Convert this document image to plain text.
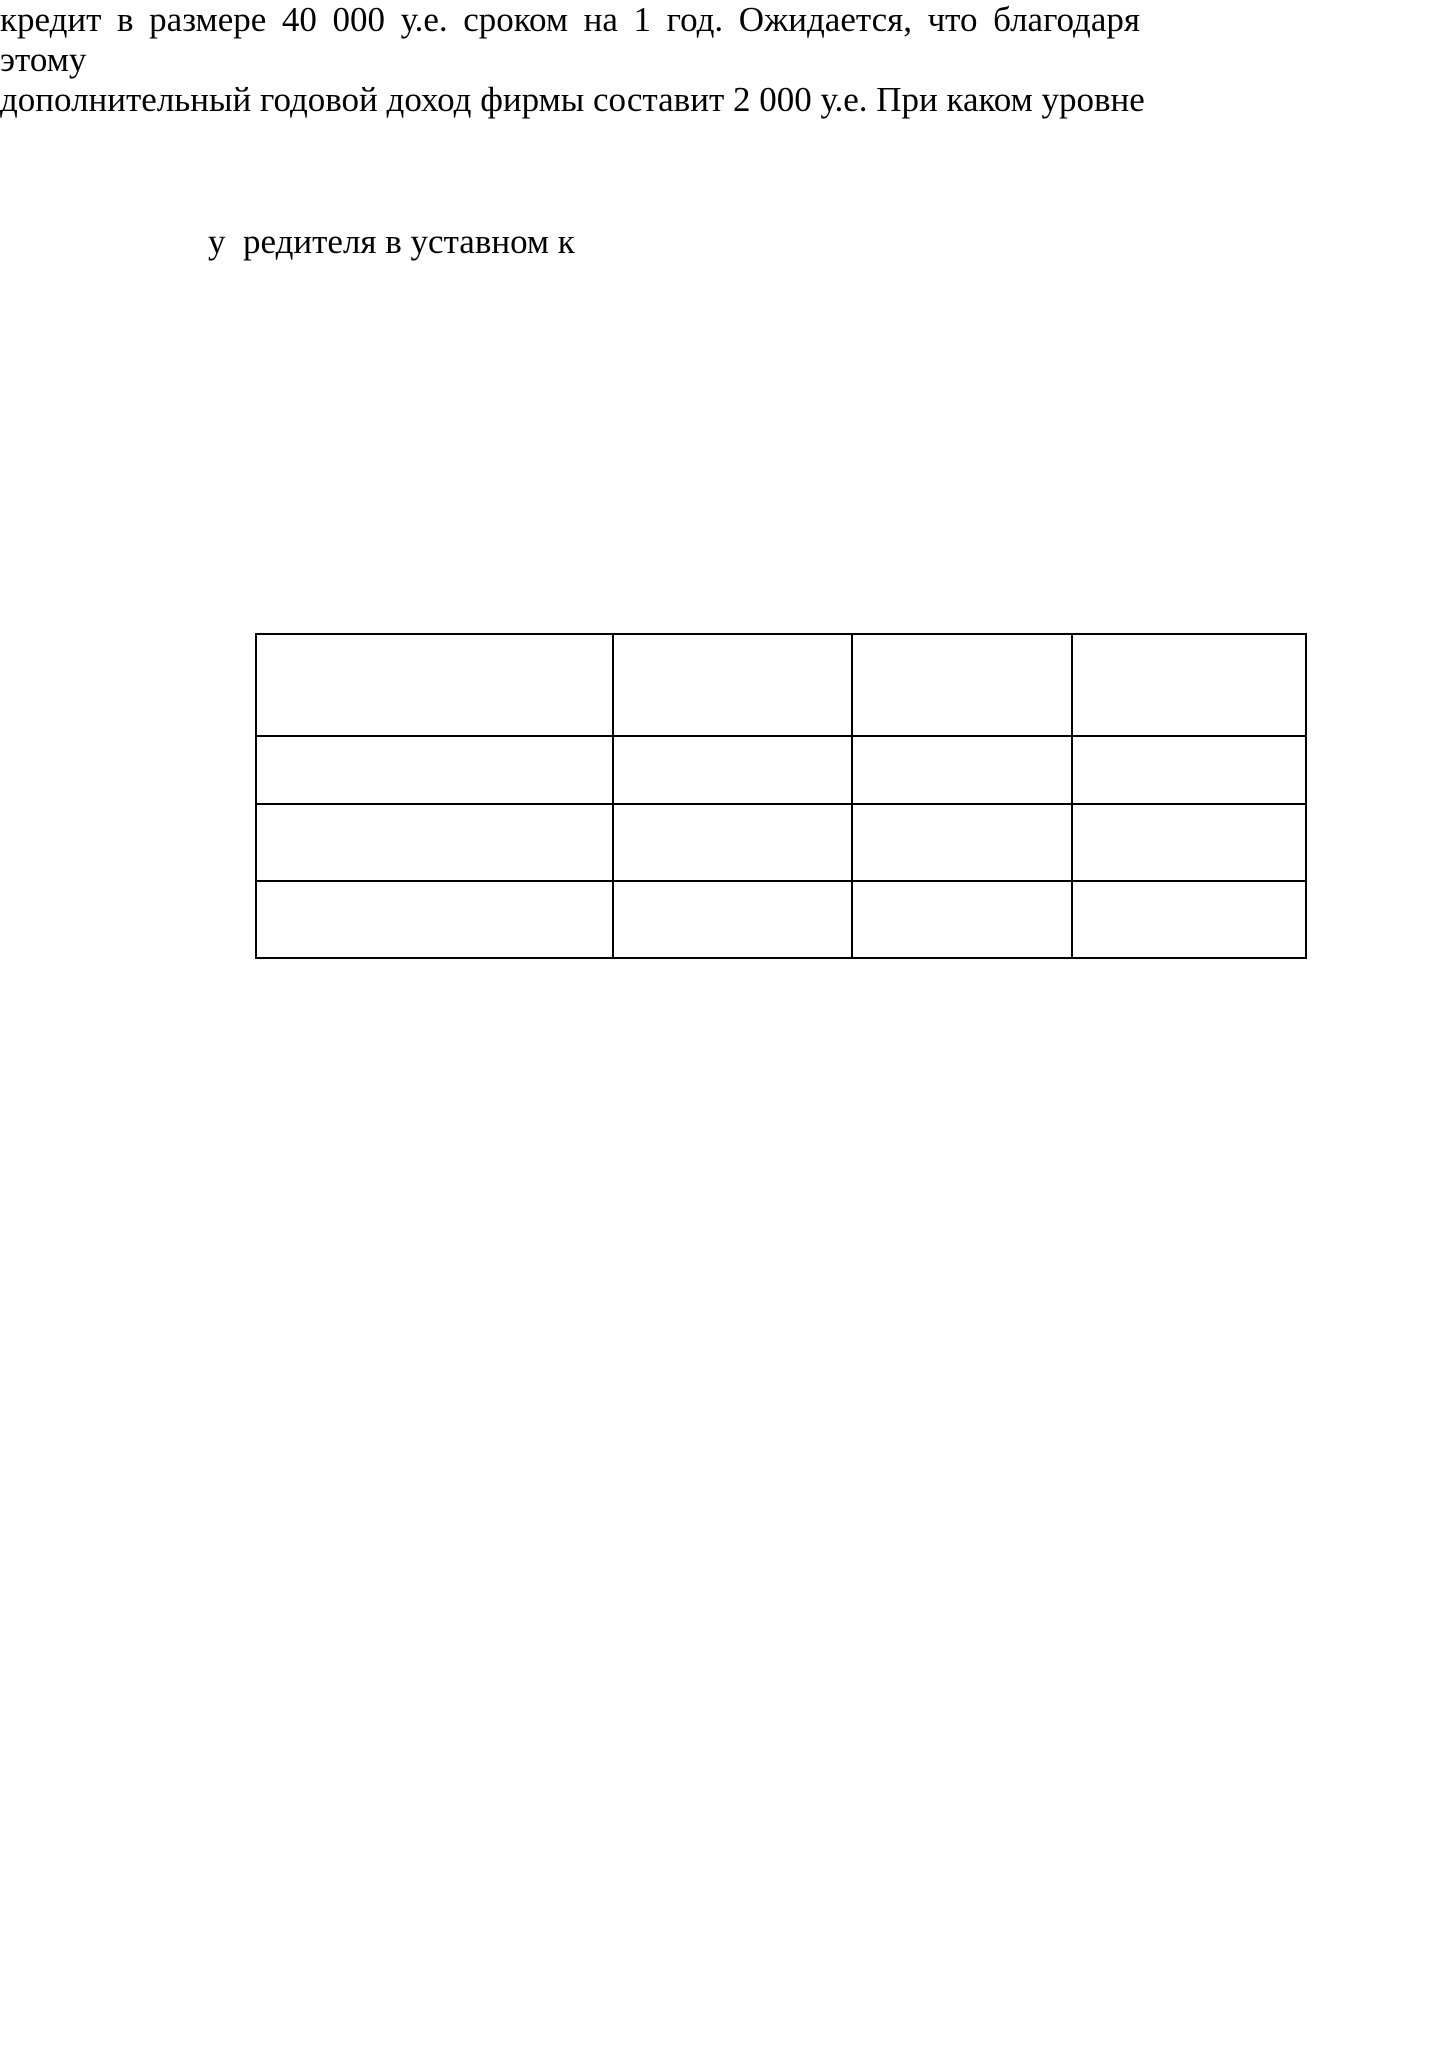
у  редителя в уставном к

кредит в размере 40 000 у.е. сроком на 1 год. Ожидается, что благодаря этому
дополнительный годовой доход фирмы составит 2 000 у.е. При каком уровне
